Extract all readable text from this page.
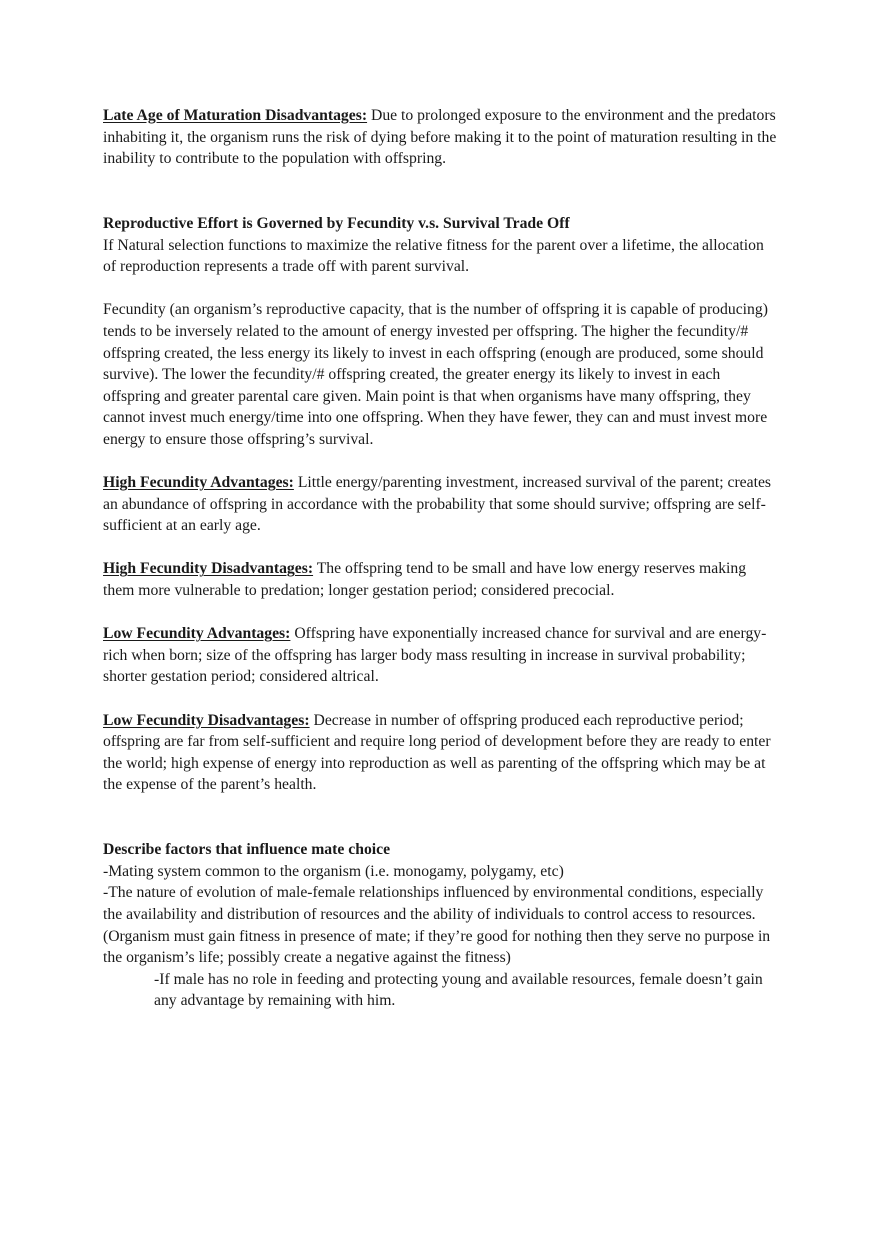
Late Age of Maturation Disadvantages: Due to prolonged exposure to the environment and the predators inhabiting it, the organism runs the risk of dying before making it to the point of maturation resulting in the inability to contribute to the population with offspring.

Reproductive Effort is Governed by Fecundity v.s. Survival Trade Off

If Natural selection functions to maximize the relative fitness for the parent over a lifetime, the allocation of reproduction represents a trade off with parent survival.

Fecundity (an organism’s reproductive capacity, that is the number of offspring it is capable of producing) tends to be inversely related to the amount of energy invested per offspring. The higher the fecundity/# offspring created, the less energy its likely to invest in each offspring (enough are produced, some should survive). The lower the fecundity/# offspring created, the greater energy its likely to invest in each offspring and greater parental care given. Main point is that when organisms have many offspring, they cannot invest much energy/time into one offspring. When they have fewer, they can and must invest more energy to ensure those offspring’s survival.

High Fecundity Advantages: Little energy/parenting investment, increased survival of the parent; creates an abundance of offspring in accordance with the probability that some should survive; offspring are self-sufficient at an early age.

High Fecundity Disadvantages: The offspring tend to be small and have low energy reserves making them more vulnerable to predation; longer gestation period; considered precocial.

Low Fecundity Advantages: Offspring have exponentially increased chance for survival and are energy-rich when born; size of the offspring has larger body mass resulting in increase in survival probability; shorter gestation period; considered altrical.

Low Fecundity Disadvantages: Decrease in number of offspring produced each reproductive period; offspring are far from self-sufficient and require long period of development before they are ready to enter the world; high expense of energy into reproduction as well as parenting of the offspring which may be at the expense of the parent’s health.

Describe factors that influence mate choice

-Mating system common to the organism (i.e. monogamy, polygamy, etc)

-The nature of evolution of male-female relationships influenced by environmental conditions, especially the availability and distribution of resources and the ability of individuals to control access to resources. (Organism must gain fitness in presence of mate; if they’re good for nothing then they serve no purpose in the organism’s life; possibly create a negative against the fitness)

-If male has no role in feeding and protecting young and available resources, female doesn’t gain any advantage by remaining with him.
